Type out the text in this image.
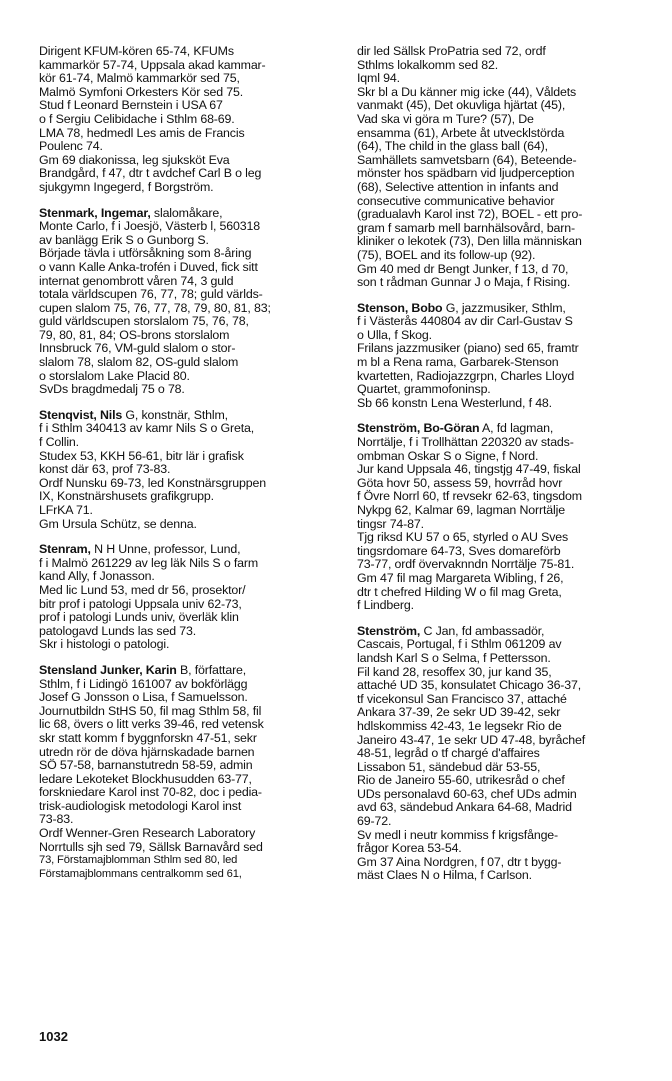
Dirigent KFUM-kören 65-74, KFUMs
kammarkör 57-74, Uppsala akad kammar-
kör 61-74, Malmö kammarkör sed 75,
Malmö Symfoni Orkesters Kör sed 75.
Stud f Leonard Bernstein i USA 67
o f Sergiu Celibidache i Sthlm 68-69.
LMA 78, hedmedl Les amis de Francis
Poulenc 74.
Gm 69 diakonissa, leg sjuksköt Eva
Brandgård, f 47, dtr t avdchef Carl B o leg
sjukgymn Ingegerd, f Borgström.
Stenmark, Ingemar, slalomåkare,
Monte Carlo, f i Joesjö, Västerb l, 560318
av banlägg Erik S o Gunborg S.
Började tävla i utförsåkning som 8-åring
o vann Kalle Anka-trofén i Duved, fick sitt
internat genombrott våren 74, 3 guld
totala världscupen 76, 77, 78; guld världs-
cupen slalom 75, 76, 77, 78, 79, 80, 81, 83;
guld världscupen storslalom 75, 76, 78,
79, 80, 81, 84; OS-brons storslalom
Innsbruck 76, VM-guld slalom o stor-
slalom 78, slalom 82, OS-guld slalom
o storslalom Lake Placid 80.
SvDs bragdmedalj 75 o 78.
Stenqvist, Nils G, konstnär, Sthlm,
f i Sthlm 340413 av kamr Nils S o Greta,
f Collin.
Studex 53, KKH 56-61, bitr lär i grafisk
konst där 63, prof 73-83.
Ordf Nunsku 69-73, led Konstnärsgruppen
IX, Konstnärshusets grafikgrupp.
LFrKA 71.
Gm Ursula Schütz, se denna.
Stenram, N H Unne, professor, Lund,
f i Malmö 261229 av leg läk Nils S o farm
kand Ally, f Jonasson.
Med lic Lund 53, med dr 56, prosektor/
bitr prof i patologi Uppsala univ 62-73,
prof i patologi Lunds univ, överläk klin
patologavd Lunds las sed 73.
Skr i histologi o patologi.
Stensland Junker, Karin B, författare,
Sthlm, f i Lidingö 161007 av bokförlägg
Josef G Jonsson o Lisa, f Samuelsson.
Journutbildn StHS 50, fil mag Sthlm 58, fil
lic 68, övers o litt verks 39-46, red vetensk
skr statt komm f byggnforskn 47-51, sekr
utredn rör de döva hjärnskadade barnen
SÖ 57-58, barnanstutredn 58-59, admin
ledare Lekoteket Blockhusudden 63-77,
forskniedare Karol inst 70-82, doc i pedia-
trisk-audiologisk metodologi Karol inst
73-83.
Ordf Wenner-Gren Research Laboratory
Norrtulls sjh sed 79, Sällsk Barnavård sed
73, Förstamajblomman Sthlm sed 80, led
Förstamajblommans centralkomm sed 61,
dir led Sällsk ProPatria sed 72, ordf
Sthlms lokalkomm sed 82.
Iqml 94.
Skr bl a Du känner mig icke (44), Våldets
vanmakt (45), Det okuvliga hjärtat (45),
Vad ska vi göra m Ture? (57), De
ensamma (61), Arbete åt utvecklstörda
(64), The child in the glass ball (64),
Samhällets samvetsbarn (64), Beteende-
mönster hos spädbarn vid ljudperception
(68), Selective attention in infants and
consecutive communicative behavior
(gradualavh Karol inst 72), BOEL - ett pro-
gram f samarb mell barnhälsovård, barn-
kliniker o lekotek (73), Den lilla människan
(75), BOEL and its follow-up (92).
Gm 40 med dr Bengt Junker, f 13, d 70,
son t rådman Gunnar J o Maja, f Rising.
Stenson, Bobo G, jazzmusiker, Sthlm,
f i Västerås 440804 av dir Carl-Gustav S
o Ulla, f Skog.
Frilans jazzmusiker (piano) sed 65, framtr
m bl a Rena rama, Garbarek-Stenson
kvartetten, Radiojazzgrpn, Charles Lloyd
Quartet, grammofoninsp.
Sb 66 konstn Lena Westerlund, f 48.
Stenström, Bo-Göran A, fd lagman,
Norrtälje, f i Trollhättan 220320 av stads-
ombman Oskar S o Signe, f Nord.
Jur kand Uppsala 46, tingstjg 47-49, fiskal
Göta hovr 50, assess 59, hovrråd hovr
f Övre Norrl 60, tf revsekr 62-63, tingsdom
Nykpg 62, Kalmar 69, lagman Norrtälje
tingsr 74-87.
Tjg riksd KU 57 o 65, styrled o AU Sves
tingsrdomare 64-73, Sves domareförb
73-77, ordf övervaknndn Norrtälje 75-81.
Gm 47 fil mag Margareta Wibling, f 26,
dtr t chefred Hilding W o fil mag Greta,
f Lindberg.
Stenström, C Jan, fd ambassadör,
Cascais, Portugal, f i Sthlm 061209 av
landsh Karl S o Selma, f Pettersson.
Fil kand 28, resoffex 30, jur kand 35,
attaché UD 35, konsulatet Chicago 36-37,
tf vicekonsul San Francisco 37, attaché
Ankara 37-39, 2e sekr UD 39-42, sekr
hdlskommiss 42-43, 1e legsekr Rio de
Janeiro 43-47, 1e sekr UD 47-48, byråchef
48-51, legråd o tf chargé d'affaires
Lissabon 51, sändebud där 53-55,
Rio de Janeiro 55-60, utrikesråd o chef
UDs personalavd 60-63, chef UDs admin
avd 63, sändebud Ankara 64-68, Madrid
69-72.
Sv medl i neutr kommiss f krigsfånge-
frågor Korea 53-54.
Gm 37 Aina Nordgren, f 07, dtr t bygg-
mäst Claes N o Hilma, f Carlson.
1032
